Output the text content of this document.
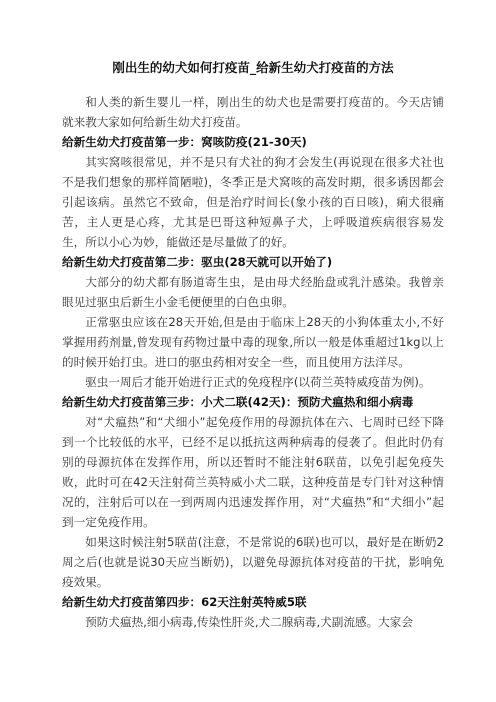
刚出生的幼犬如何打疫苗_给新生幼犬打疫苗的方法

和人类的新生婴儿一样，刚出生的幼犬也是需要打疫苗的。今天店铺就来教大家如何给新生幼犬打疫苗。

给新生幼犬打疫苗第一步：窝咳防疫(21-30天)

其实窝咳很常见，并不是只有犬社的狗才会发生(再说现在很多犬社也不是我们想象的那样简陋啦)，冬季正是犬窝咳的高发时期，很多诱因都会引起该病。虽然它不致命，但是治疗时间长(象小孩的百日咳)，痢犬很痛苦，主人更是心疼，尤其是巴哥这种短鼻子犬，上呼吸道疾病很容易发生，所以小心为妙，能做还是尽量做了的好。

给新生幼犬打疫苗第二步：驱虫(28天就可以开始了)

大部分的幼犬都有肠道寄生虫，是由母犬经胎盘或乳汁感染。我曾亲眼见过驱虫后新生小金毛便便里的白色虫卵。

正常驱虫应该在28天开始,但是由于临床上28天的小狗体重太小,不好掌握用药剂量,曾发现有药物过量中毒的现象,所以一般是体重超过1kg以上的时候开始打虫。进口的驱虫药相对安全一些，而且使用方法洋尽。

驱虫一周后才能开始进行正式的免疫程序(以荷兰英特威疫苗为例)。

给新生幼犬打疫苗第三步：小犬二联(42天)：预防犬瘟热和细小病毒

对“犬瘟热”和“犬细小”起免疫作用的母源抗体在六、七周时已经下降到一个比较低的水平，已经不足以抵抗这两种病毒的侵袭了。但此时仍有别的母源抗体在发挥作用，所以还暂时不能注射6联苗，以免引起免疫失败，此时可在42天注射荷兰英特威小犬二联，这种疫苗是专门针对这种情况的，注射后可以在一到两周内迅速发挥作用，对“犬瘟热”和“犬细小”起到一定免疫作用。

如果这时候注射5联苗(注意，不是常说的6联)也可以，最好是在断奶2周之后(也就是说30天应当断奶)，以避免母源抗体对疫苗的干扰，影响免疫效果。

给新生幼犬打疫苗第四步：62天注射英特威5联

预防犬瘟热,细小病毒,传染性肝炎,犬二腺病毒,犬副流感。大家会
